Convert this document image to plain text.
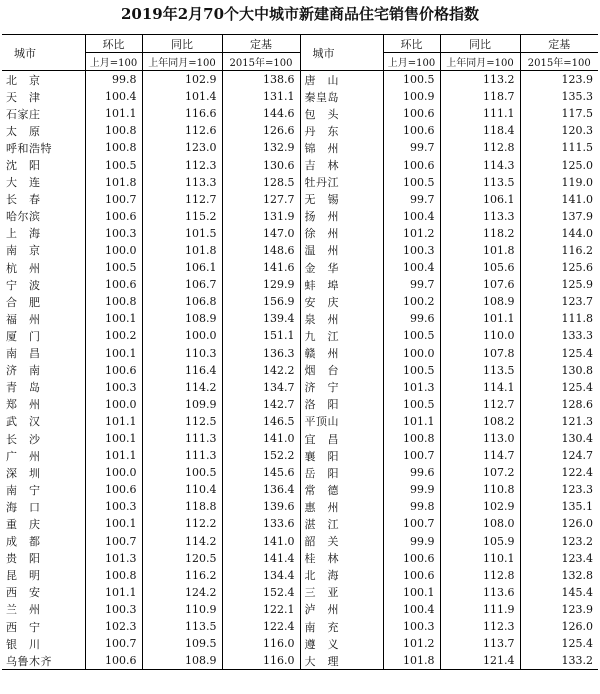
2019年2月70个大中城市新建商品住宅销售价格指数
城市	环比	同比	定基	城市	环比	同比	定基
	上月=100	上年同月=100	2015年=100		上月=100	上年同月=100	2015年=100
北　京	99.8	102.9	138.6	唐　山	100.5	113.2	123.9
天　津	100.4	101.4	131.1	秦皇岛	100.9	118.7	135.3
石家庄	101.1	116.6	144.6	包　头	100.6	111.1	117.5
太　原	100.8	112.6	126.6	丹　东	100.6	118.4	120.3
呼和浩特	100.8	123.0	132.9	锦　州	99.7	112.8	111.5
沈　阳	100.5	112.3	130.6	吉　林	100.6	114.3	125.0
大　连	101.8	113.3	128.5	牡丹江	100.5	113.5	119.0
长　春	100.7	112.7	127.7	无　锡	99.7	106.1	141.0
哈尔滨	100.6	115.2	131.9	扬　州	100.4	113.3	137.9
上　海	100.3	101.5	147.0	徐　州	101.2	118.2	144.0
南　京	100.0	101.8	148.6	温　州	100.3	101.8	116.2
杭　州	100.5	106.1	141.6	金　华	100.4	105.6	125.6
宁　波	100.6	106.7	129.9	蚌　埠	99.7	107.6	125.9
合　肥	100.8	106.8	156.9	安　庆	100.2	108.9	123.7
福　州	100.1	108.9	139.4	泉　州	99.6	101.1	111.8
厦　门	100.2	100.0	151.1	九　江	100.5	110.0	133.3
南　昌	100.1	110.3	136.3	赣　州	100.0	107.8	125.4
济　南	100.6	116.4	142.2	烟　台	100.5	113.5	130.8
青　岛	100.3	114.2	134.7	济　宁	101.3	114.1	125.4
郑　州	100.0	109.9	142.7	洛　阳	100.5	112.7	128.6
武　汉	101.1	112.5	146.5	平顶山	101.1	108.2	121.3
长　沙	100.1	111.3	141.0	宜　昌	100.8	113.0	130.4
广　州	101.1	111.3	152.2	襄　阳	100.7	114.7	124.7
深　圳	100.0	100.5	145.6	岳　阳	99.6	107.2	122.4
南　宁	100.6	110.4	136.4	常　德	99.9	110.8	123.3
海　口	100.3	118.8	139.6	惠　州	99.8	102.9	135.1
重　庆	100.1	112.2	133.6	湛　江	100.7	108.0	126.0
成　都	100.7	114.2	141.0	韶　关	99.9	105.9	123.2
贵　阳	101.3	120.5	141.4	桂　林	100.6	110.1	123.4
昆　明	100.8	116.2	134.4	北　海	100.6	112.8	132.8
西　安	101.1	124.2	152.4	三　亚	100.1	113.6	145.4
兰　州	100.3	110.9	122.1	泸　州	100.4	111.9	123.9
西　宁	102.3	113.5	122.4	南　充	100.3	112.3	126.0
银　川	100.7	109.5	116.0	遵　义	101.2	113.7	125.4
乌鲁木齐	100.6	108.9	116.0	大　理	101.8	121.4	133.2
